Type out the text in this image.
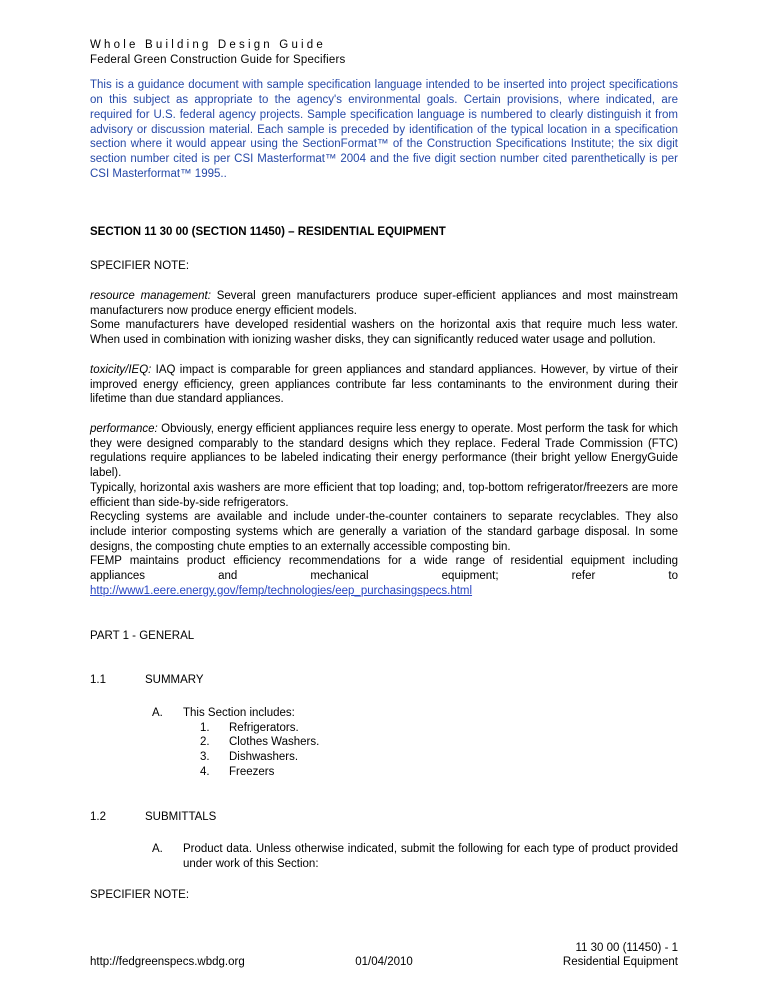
Whole Building Design Guide
Federal Green Construction Guide for Specifiers

This is a guidance document with sample specification language intended to be inserted into project specifications on this subject as appropriate to the agency's environmental goals. Certain provisions, where indicated, are required for U.S. federal agency projects. Sample specification language is numbered to clearly distinguish it from advisory or discussion material. Each sample is preceded by identification of the typical location in a specification section where it would appear using the SectionFormat™ of the Construction Specifications Institute; the six digit section number cited is per CSI Masterformat™ 2004 and the five digit section number cited parenthetically is per CSI Masterformat™ 1995..

SECTION 11 30 00 (SECTION 11450) – RESIDENTIAL EQUIPMENT

SPECIFIER NOTE:

resource management: Several green manufacturers produce super-efficient appliances and most mainstream manufacturers now produce energy efficient models.

Some manufacturers have developed residential washers on the horizontal axis that require much less water. When used in combination with ionizing washer disks, they can significantly reduced water usage and pollution.

toxicity/IEQ: IAQ impact is comparable for green appliances and standard appliances. However, by virtue of their improved energy efficiency, green appliances contribute far less contaminants to the environment during their lifetime than due standard appliances.

performance: Obviously, energy efficient appliances require less energy to operate. Most perform the task for which they were designed comparably to the standard designs which they replace. Federal Trade Commission (FTC) regulations require appliances to be labeled indicating their energy performance (their bright yellow EnergyGuide label).

Typically, horizontal axis washers are more efficient that top loading; and, top-bottom refrigerator/freezers are more efficient than side-by-side refrigerators.

Recycling systems are available and include under-the-counter containers to separate recyclables. They also include interior composting systems which are generally a variation of the standard garbage disposal. In some designs, the composting chute empties to an externally accessible composting bin.

FEMP maintains product efficiency recommendations for a wide range of residential equipment including appliances and mechanical equipment; refer to

http://www1.eere.energy.gov/femp/technologies/eep_purchasingspecs.html

PART 1 - GENERAL

1.1	SUMMARY
A.	This Section includes:
1.	Refrigerators.
2.	Clothes Washers.
3.	Dishwashers.
4.	Freezers
1.2	SUBMITTALS
A.	Product data. Unless otherwise indicated, submit the following for each type of product provided under work of this Section:

SPECIFIER NOTE:

http://fedgreenspecs.wbdg.org	01/04/2010
11 30 00 (11450) - 1
Residential Equipment
